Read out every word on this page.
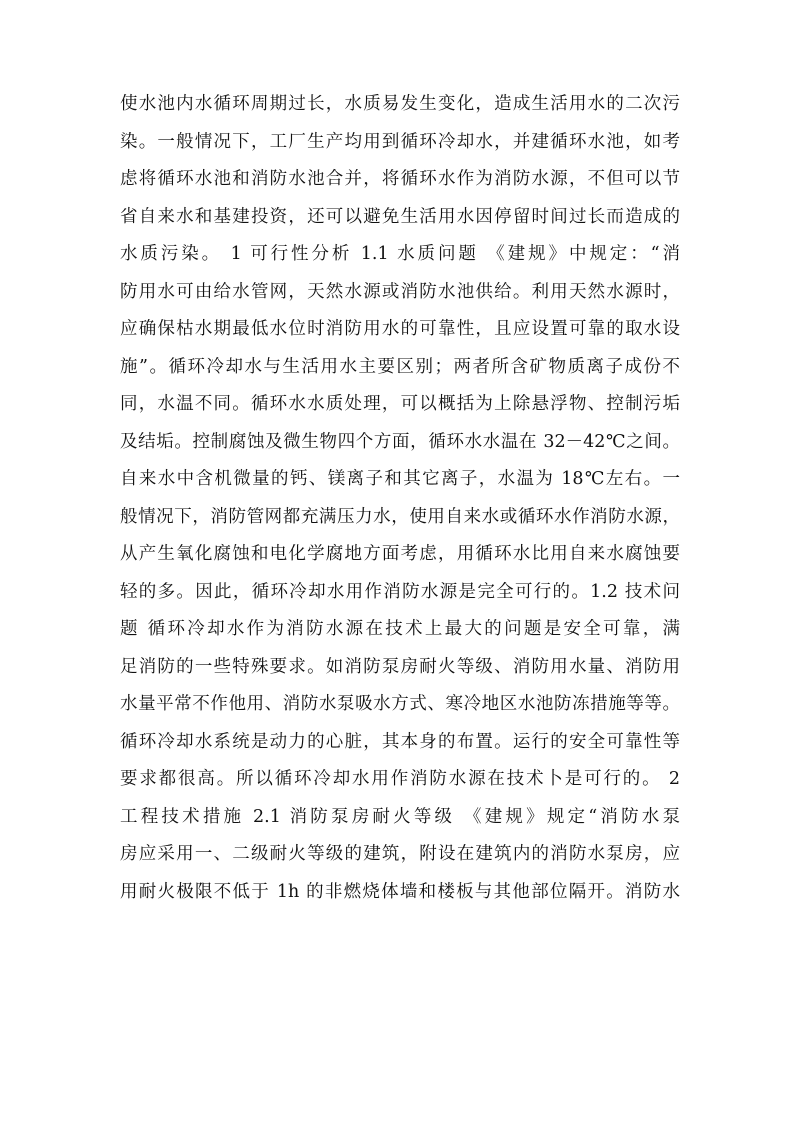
使水池内水循环周期过长，水质易发生变化，造成生活用水的二次污
染。一般情况下，工厂生产均用到循环冷却水，并建循环水池，如考
虑将循环水池和消防水池合并，将循环水作为消防水源，不但可以节
省自来水和基建投资，还可以避免生活用水因停留时间过长而造成的
水质污染。 1 可行性分析 1.1 水质问题 《建规》中规定：“消
防用水可由给水管网，天然水源或消防水池供给。利用天然水源时，
应确保枯水期最低水位时消防用水的可靠性，且应设置可靠的取水设
施”。循环冷却水与生活用水主要区别；两者所含矿物质离子成份不
同，水温不同。循环水水质处理，可以概括为上除悬浮物、控制污垢
及结垢。控制腐蚀及微生物四个方面，循环水水温在 32－42℃之间。
自来水中含机微量的钙、镁离子和其它离子，水温为 18℃左右。一
般情况下，消防管网都充满压力水，使用自来水或循环水作消防水源，
从产生氧化腐蚀和电化学腐地方面考虑，用循环水比用自来水腐蚀要
轻的多。因此，循环冷却水用作消防水源是完全可行的。1.2 技术问
题 循环冷却水作为消防水源在技术上最大的问题是安全可靠，满
足消防的一些特殊要求。如消防泵房耐火等级、消防用水量、消防用
水量平常不作他用、消防水泵吸水方式、寒冷地区水池防冻措施等等。
循环冷却水系统是动力的心脏，其本身的布置。运行的安全可靠性等
要求都很高。所以循环冷却水用作消防水源在技术卜是可行的。 2
工程技术措施 2.1 消防泵房耐火等级 《建规》规定“消防水泵
房应采用一、二级耐火等级的建筑，附设在建筑内的消防水泵房，应
用耐火极限不低于 1h 的非燃烧体墙和楼板与其他部位隔开。消防水
